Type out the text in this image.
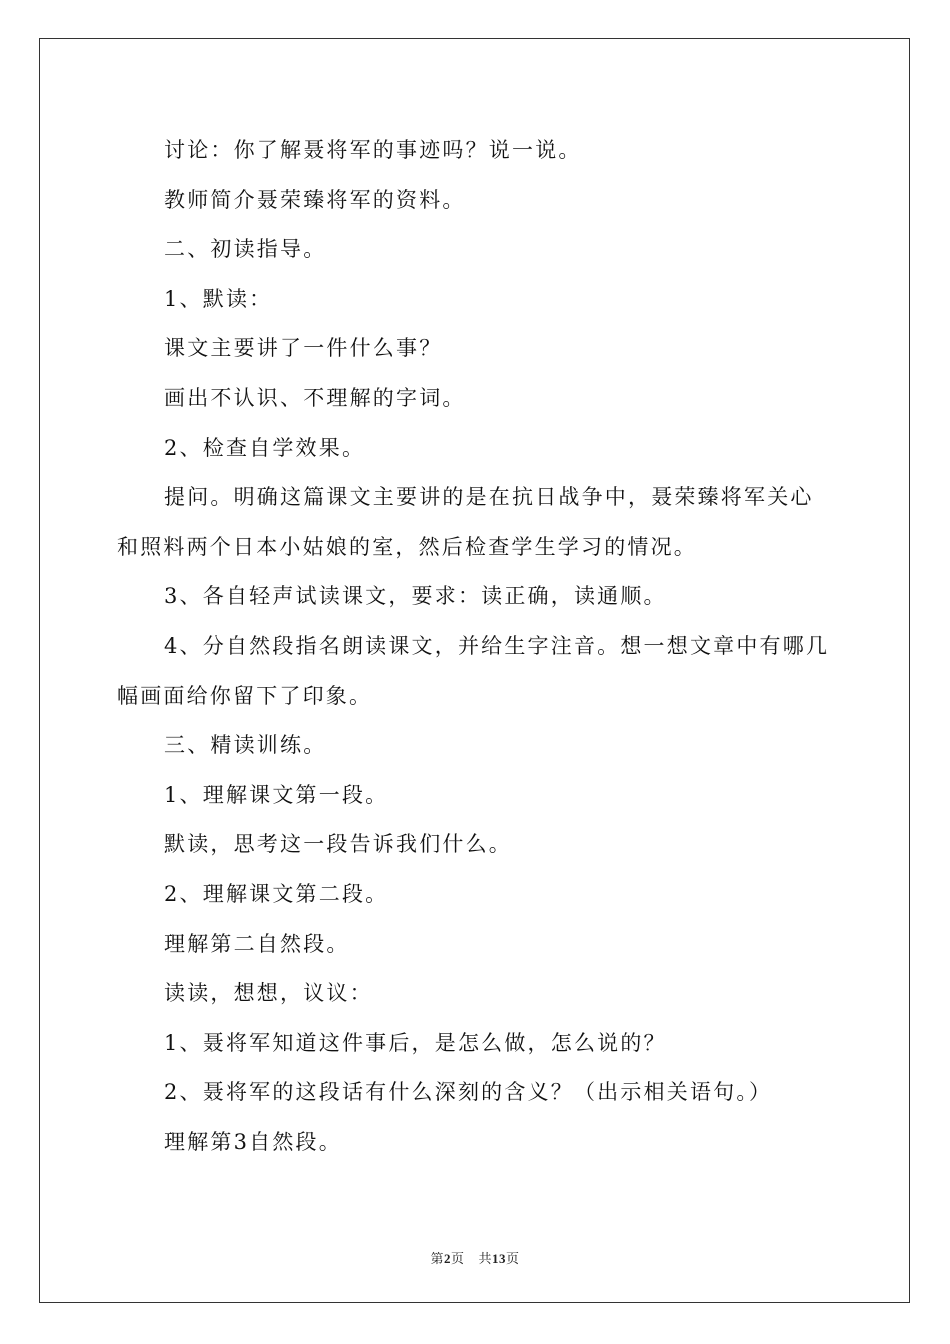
讨论：你了解聂将军的事迹吗？说一说。

教师简介聂荣臻将军的资料。

二、初读指导。

1、默读：

课文主要讲了一件什么事？

画出不认识、不理解的字词。

2、检查自学效果。

提问。明确这篇课文主要讲的是在抗日战争中，聂荣臻将军关心和照料两个日本小姑娘的室，然后检查学生学习的情况。

3、各自轻声试读课文，要求：读正确，读通顺。

4、分自然段指名朗读课文，并给生字注音。想一想文章中有哪几幅画面给你留下了印象。

三、精读训练。

1、理解课文第一段。

默读，思考这一段告诉我们什么。

2、理解课文第二段。

理解第二自然段。

读读，想想，议议：

1、聂将军知道这件事后，是怎么做，怎么说的？

2、聂将军的这段话有什么深刻的含义？（出示相关语句。）

理解第3自然段。

第2页 共13页
